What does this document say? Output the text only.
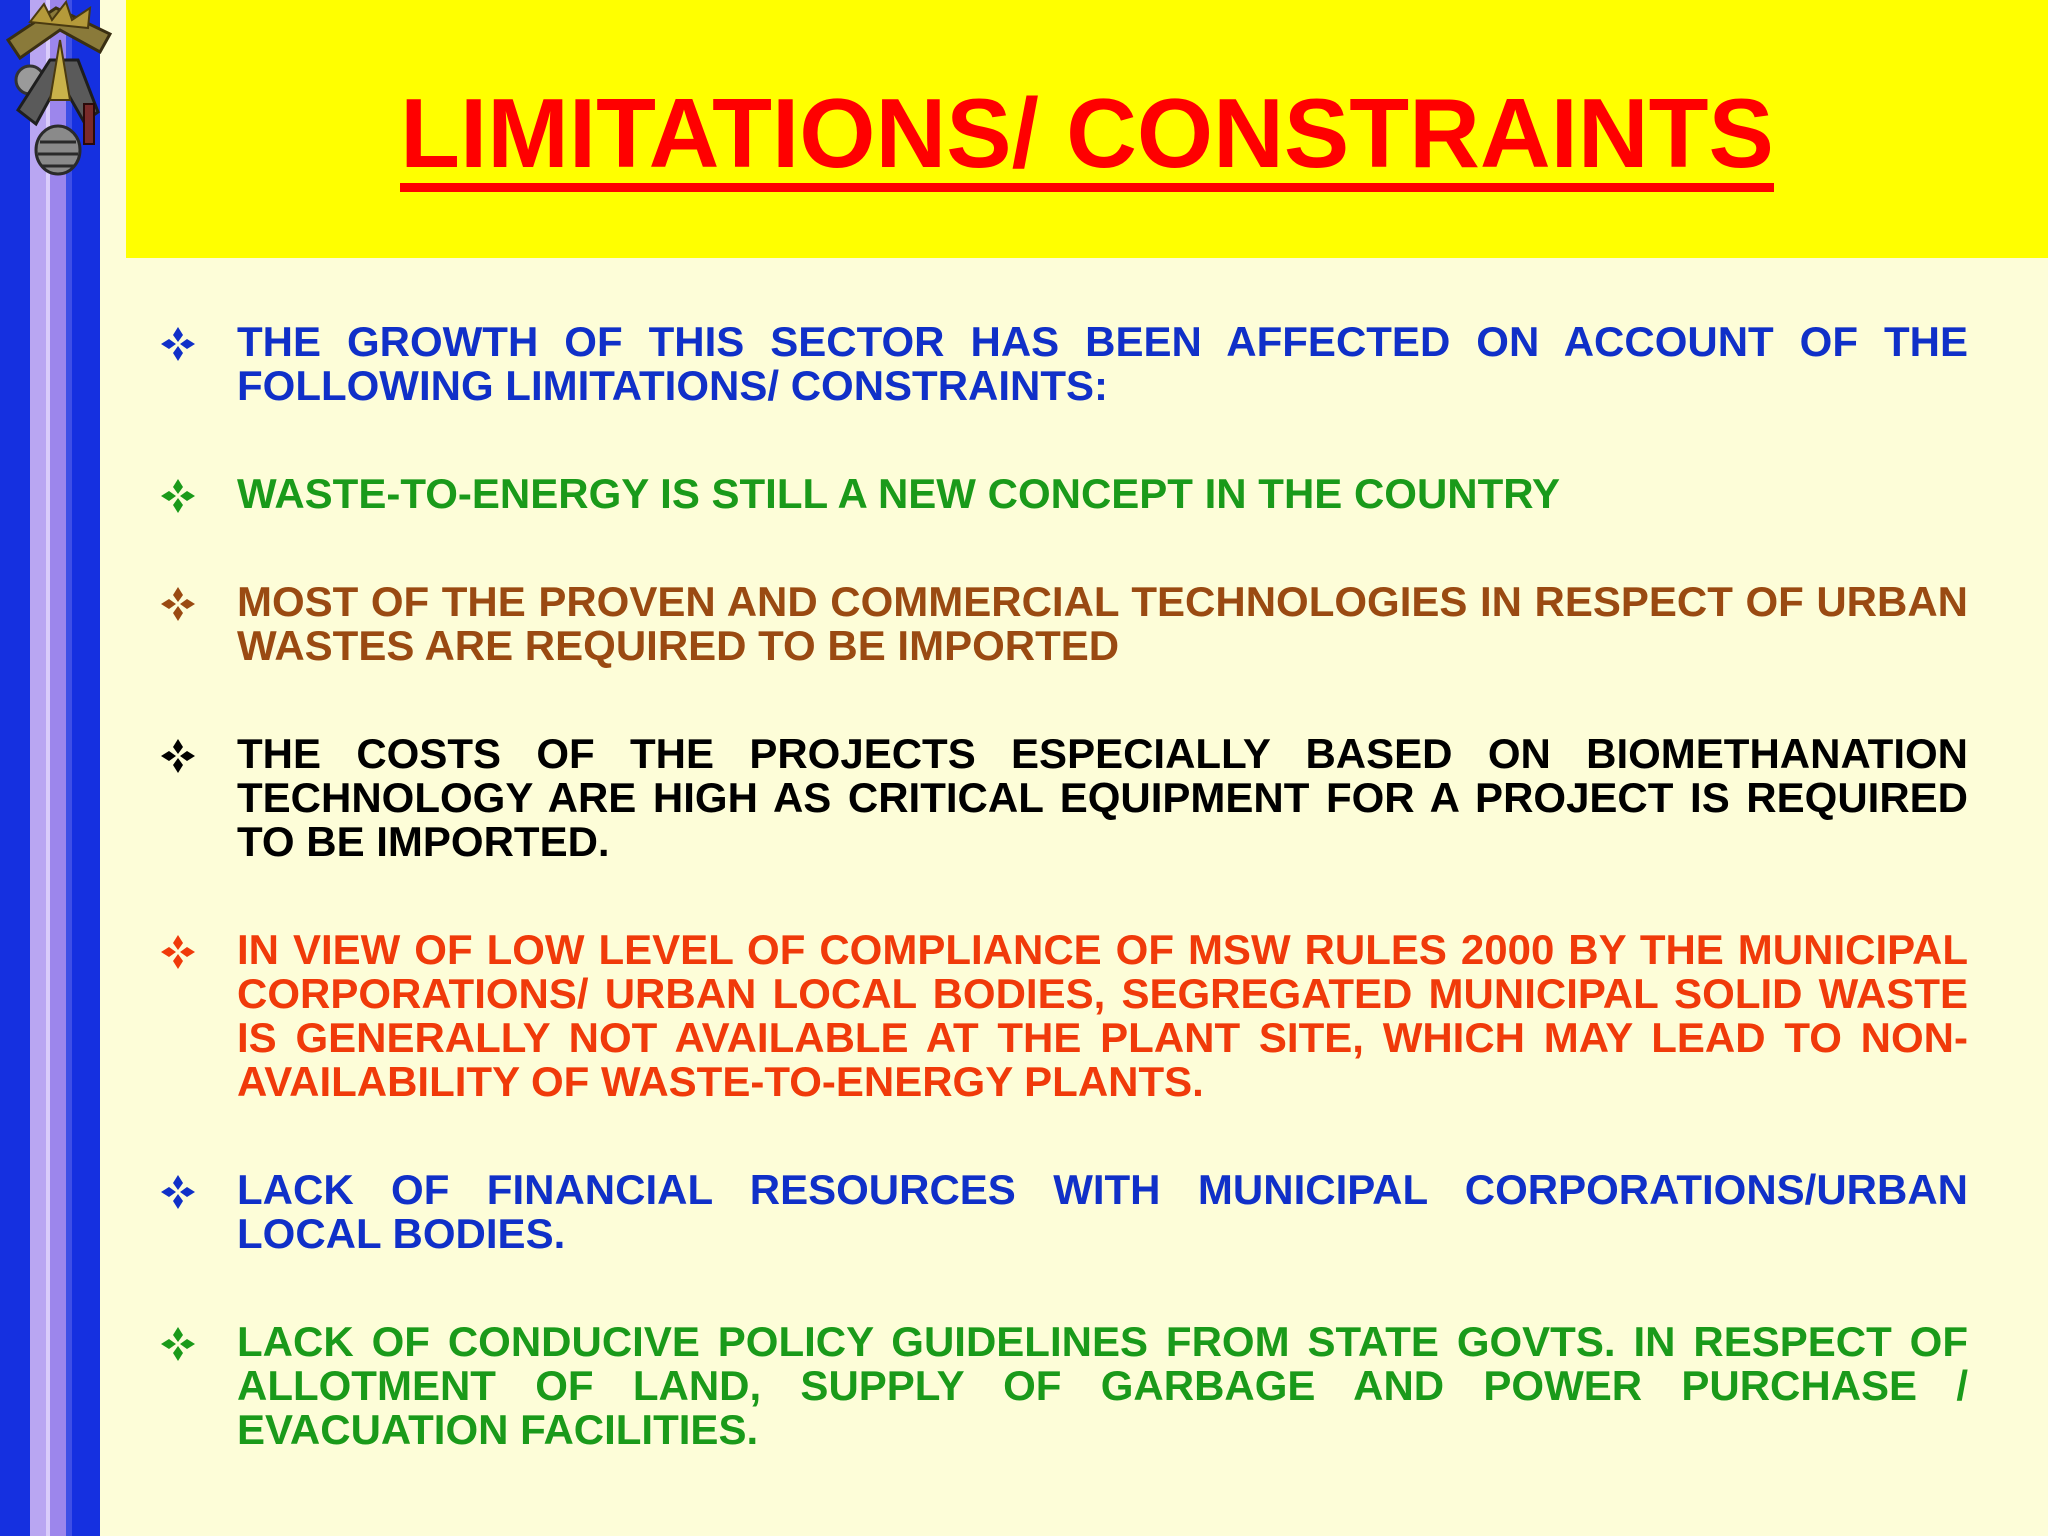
LIMITATIONS/ CONSTRAINTS
THE GROWTH OF THIS SECTOR HAS BEEN AFFECTED ON ACCOUNT OF THE FOLLOWING LIMITATIONS/ CONSTRAINTS:
WASTE-TO-ENERGY IS STILL A NEW CONCEPT IN THE COUNTRY
MOST OF THE PROVEN AND COMMERCIAL TECHNOLOGIES IN RESPECT OF URBAN WASTES ARE REQUIRED TO BE IMPORTED
THE COSTS OF THE PROJECTS ESPECIALLY BASED ON BIOMETHANATION TECHNOLOGY ARE HIGH AS CRITICAL EQUIPMENT FOR A PROJECT IS REQUIRED TO BE IMPORTED.
IN VIEW OF LOW LEVEL OF COMPLIANCE OF MSW RULES 2000 BY THE MUNICIPAL CORPORATIONS/ URBAN LOCAL BODIES, SEGREGATED MUNICIPAL SOLID WASTE IS GENERALLY NOT AVAILABLE AT THE PLANT SITE, WHICH MAY LEAD TO NON-AVAILABILITY OF WASTE-TO-ENERGY PLANTS.
LACK OF FINANCIAL RESOURCES WITH MUNICIPAL CORPORATIONS/URBAN LOCAL BODIES.
LACK OF CONDUCIVE POLICY GUIDELINES FROM STATE GOVTS. IN RESPECT OF ALLOTMENT OF LAND, SUPPLY OF GARBAGE AND POWER PURCHASE / EVACUATION FACILITIES.
